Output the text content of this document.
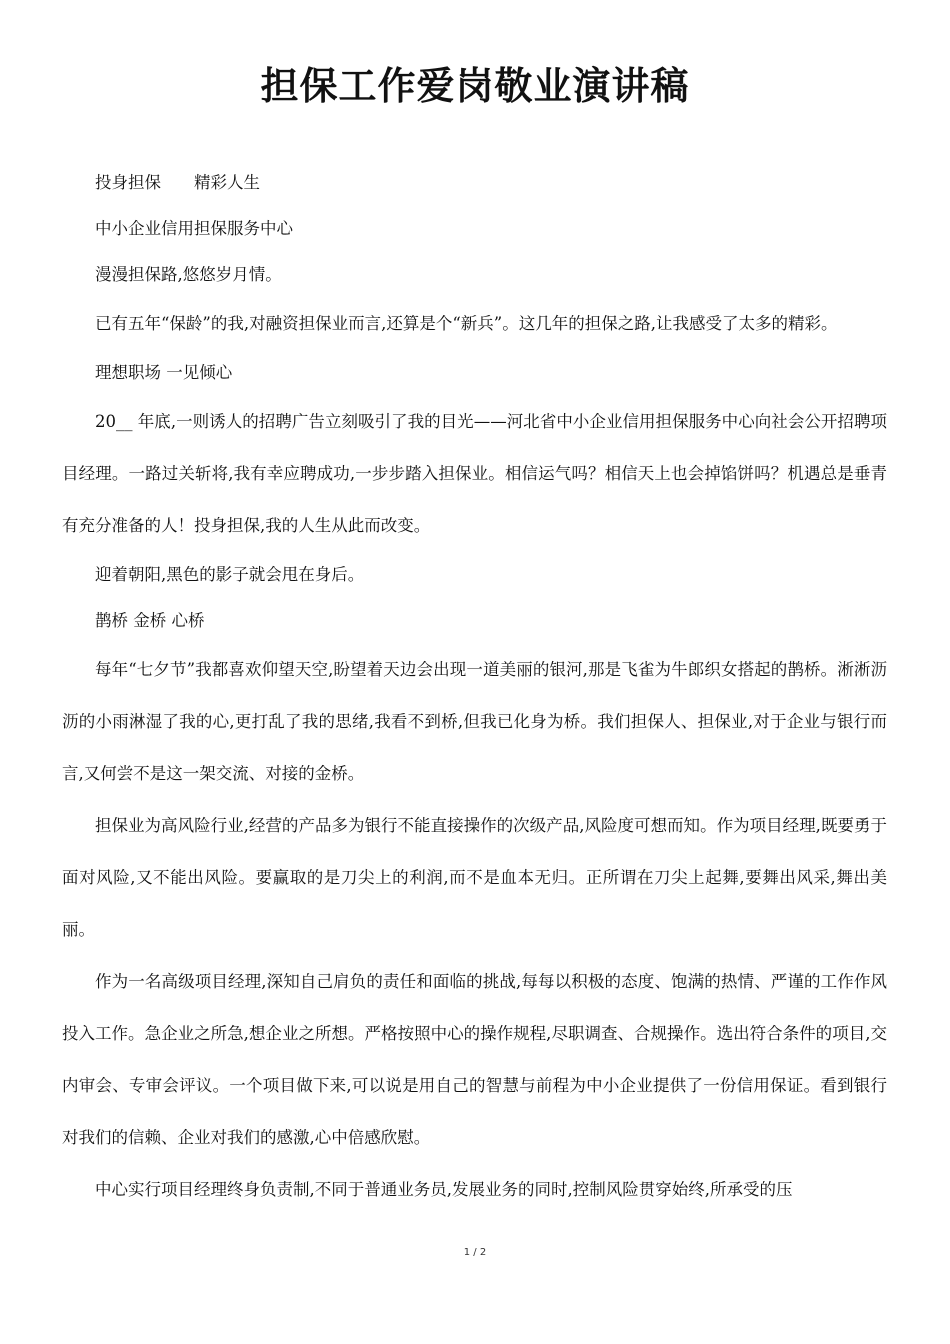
担保工作爱岗敬业演讲稿

投身担保　　精彩人生

中小企业信用担保服务中心

漫漫担保路,悠悠岁月情。

已有五年“保龄”的我,对融资担保业而言,还算是个“新兵”。这几年的担保之路,让我感受了太多的精彩。

理想职场 一见倾心

20__ 年底,一则诱人的招聘广告立刻吸引了我的目光——河北省中小企业信用担保服务中心向社会公开招聘项目经理。一路过关斩将,我有幸应聘成功,一步步踏入担保业。相信运气吗？相信天上也会掉馅饼吗？机遇总是垂青有充分准备的人！投身担保,我的人生从此而改变。

迎着朝阳,黑色的影子就会甩在身后。

鹊桥 金桥 心桥

每年“七夕节”我都喜欢仰望天空,盼望着天边会出现一道美丽的银河,那是飞雀为牛郎织女搭起的鹊桥。淅淅沥沥的小雨淋湿了我的心,更打乱了我的思绪,我看不到桥,但我已化身为桥。我们担保人、担保业,对于企业与银行而言,又何尝不是这一架交流、对接的金桥。

担保业为高风险行业,经营的产品多为银行不能直接操作的次级产品,风险度可想而知。作为项目经理,既要勇于面对风险,又不能出风险。要赢取的是刀尖上的利润,而不是血本无归。正所谓在刀尖上起舞,要舞出风采,舞出美丽。

作为一名高级项目经理,深知自己肩负的责任和面临的挑战,每每以积极的态度、饱满的热情、严谨的工作作风投入工作。急企业之所急,想企业之所想。严格按照中心的操作规程,尽职调查、合规操作。选出符合条件的项目,交内审会、专审会评议。一个项目做下来,可以说是用自己的智慧与前程为中小企业提供了一份信用保证。看到银行对我们的信赖、企业对我们的感激,心中倍感欣慰。

中心实行项目经理终身负责制,不同于普通业务员,发展业务的同时,控制风险贯穿始终,所承受的压

1 / 2
